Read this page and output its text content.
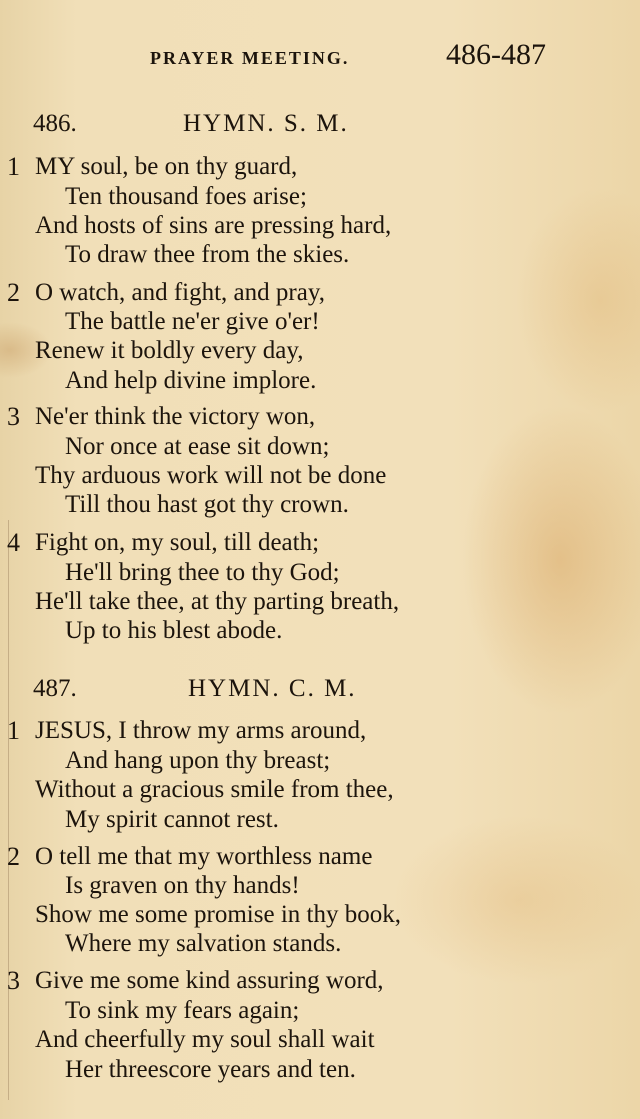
PRAYER MEETING.	486-487
486.	HYMN. S. M.
1 MY soul, be on thy guard,
Ten thousand foes arise;
And hosts of sins are pressing hard,
To draw thee from the skies.
2 O watch, and fight, and pray,
The battle ne'er give o'er!
Renew it boldly every day,
And help divine implore.
3 Ne'er think the victory won,
Nor once at ease sit down;
Thy arduous work will not be done
Till thou hast got thy crown.
4 Fight on, my soul, till death;
He'll bring thee to thy God;
He'll take thee, at thy parting breath,
Up to his blest abode.
487.	HYMN. C. M.
1 JESUS, I throw my arms around,
And hang upon thy breast;
Without a gracious smile from thee,
My spirit cannot rest.
2 O tell me that my worthless name
Is graven on thy hands!
Show me some promise in thy book,
Where my salvation stands.
3 Give me some kind assuring word,
To sink my fears again;
And cheerfully my soul shall wait
Her threescore years and ten.
